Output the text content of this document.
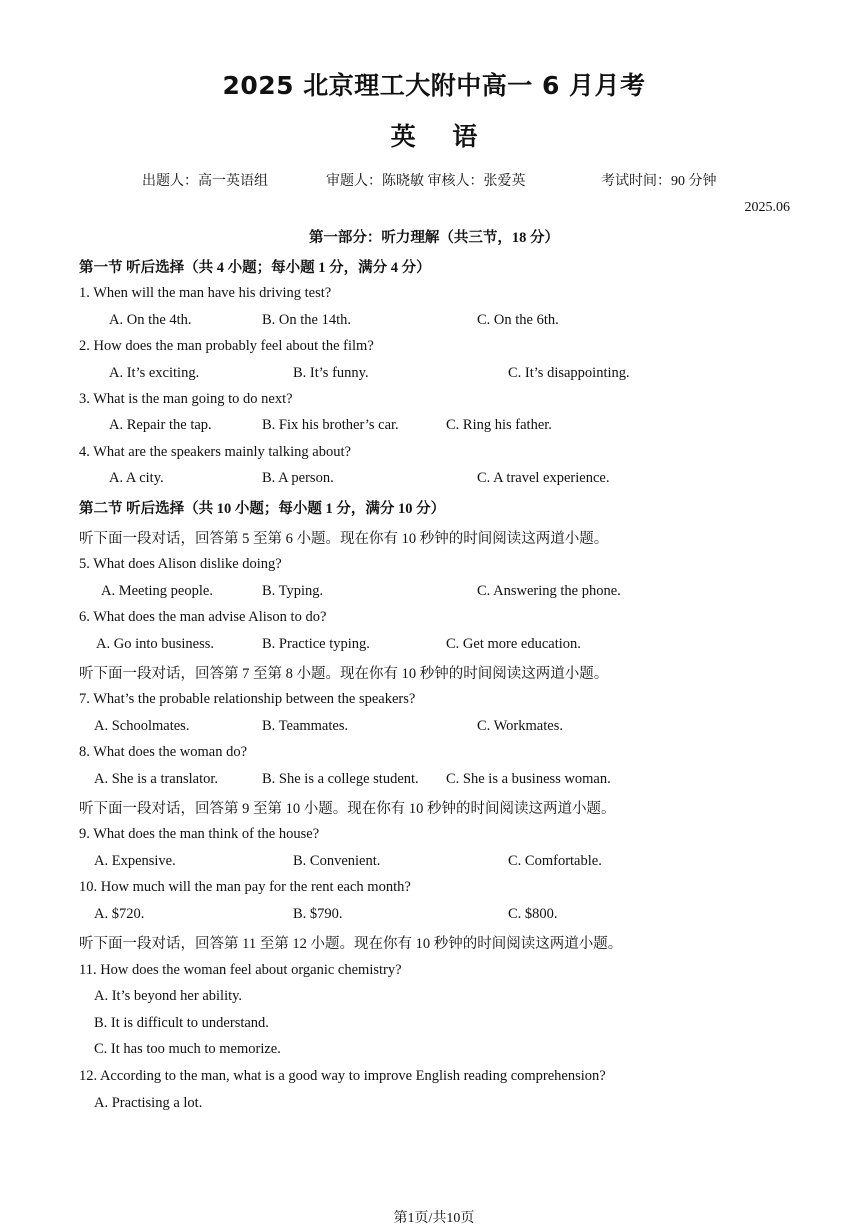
2025 北京理工大附中高一 6 月月考
英 语
出题人：高一英语组	审题人：陈晓敏 审核人：张爱英	考试时间：90 分钟
2025.06
第一部分：听力理解（共三节，18 分）
第一节 听后选择（共 4 小题；每小题 1 分，满分 4 分）
1. When will the man have his driving test?
A. On the 4th.	B. On the 14th.	C. On the 6th.
2. How does the man probably feel about the film?
A. It’s exciting.	B. It’s funny.	C. It’s disappointing.
3. What is the man going to do next?
A. Repair the tap.	B. Fix his brother’s car.	C. Ring his father.
4. What are the speakers mainly talking about?
A. A city.	B. A person.	C. A travel experience.
第二节 听后选择（共 10 小题；每小题 1 分，满分 10 分）
听下面一段对话，回答第 5 至第 6 小题。现在你有 10 秒钟的时间阅读这两道小题。
5. What does Alison dislike doing?
A. Meeting people.	B. Typing.	C. Answering the phone.
6. What does the man advise Alison to do?
A. Go into business.	B. Practice typing.	C. Get more education.
听下面一段对话，回答第 7 至第 8 小题。现在你有 10 秒钟的时间阅读这两道小题。
7. What’s the probable relationship between the speakers?
A. Schoolmates.	B. Teammates.	C. Workmates.
8. What does the woman do?
A. She is a translator.	B. She is a college student. C. She is a business woman.
听下面一段对话，回答第 9 至第 10 小题。现在你有 10 秒钟的时间阅读这两道小题。
9. What does the man think of the house?
A. Expensive.	B. Convenient.	C. Comfortable.
10. How much will the man pay for the rent each month?
A. $720.	B. $790.	C. $800.
听下面一段对话，回答第 11 至第 12 小题。现在你有 10 秒钟的时间阅读这两道小题。
11. How does the woman feel about organic chemistry?
A. It’s beyond her ability.
B. It is difficult to understand.
C. It has too much to memorize.
12. According to the man, what is a good way to improve English reading comprehension?
A. Practising a lot.
第1页/共10页
